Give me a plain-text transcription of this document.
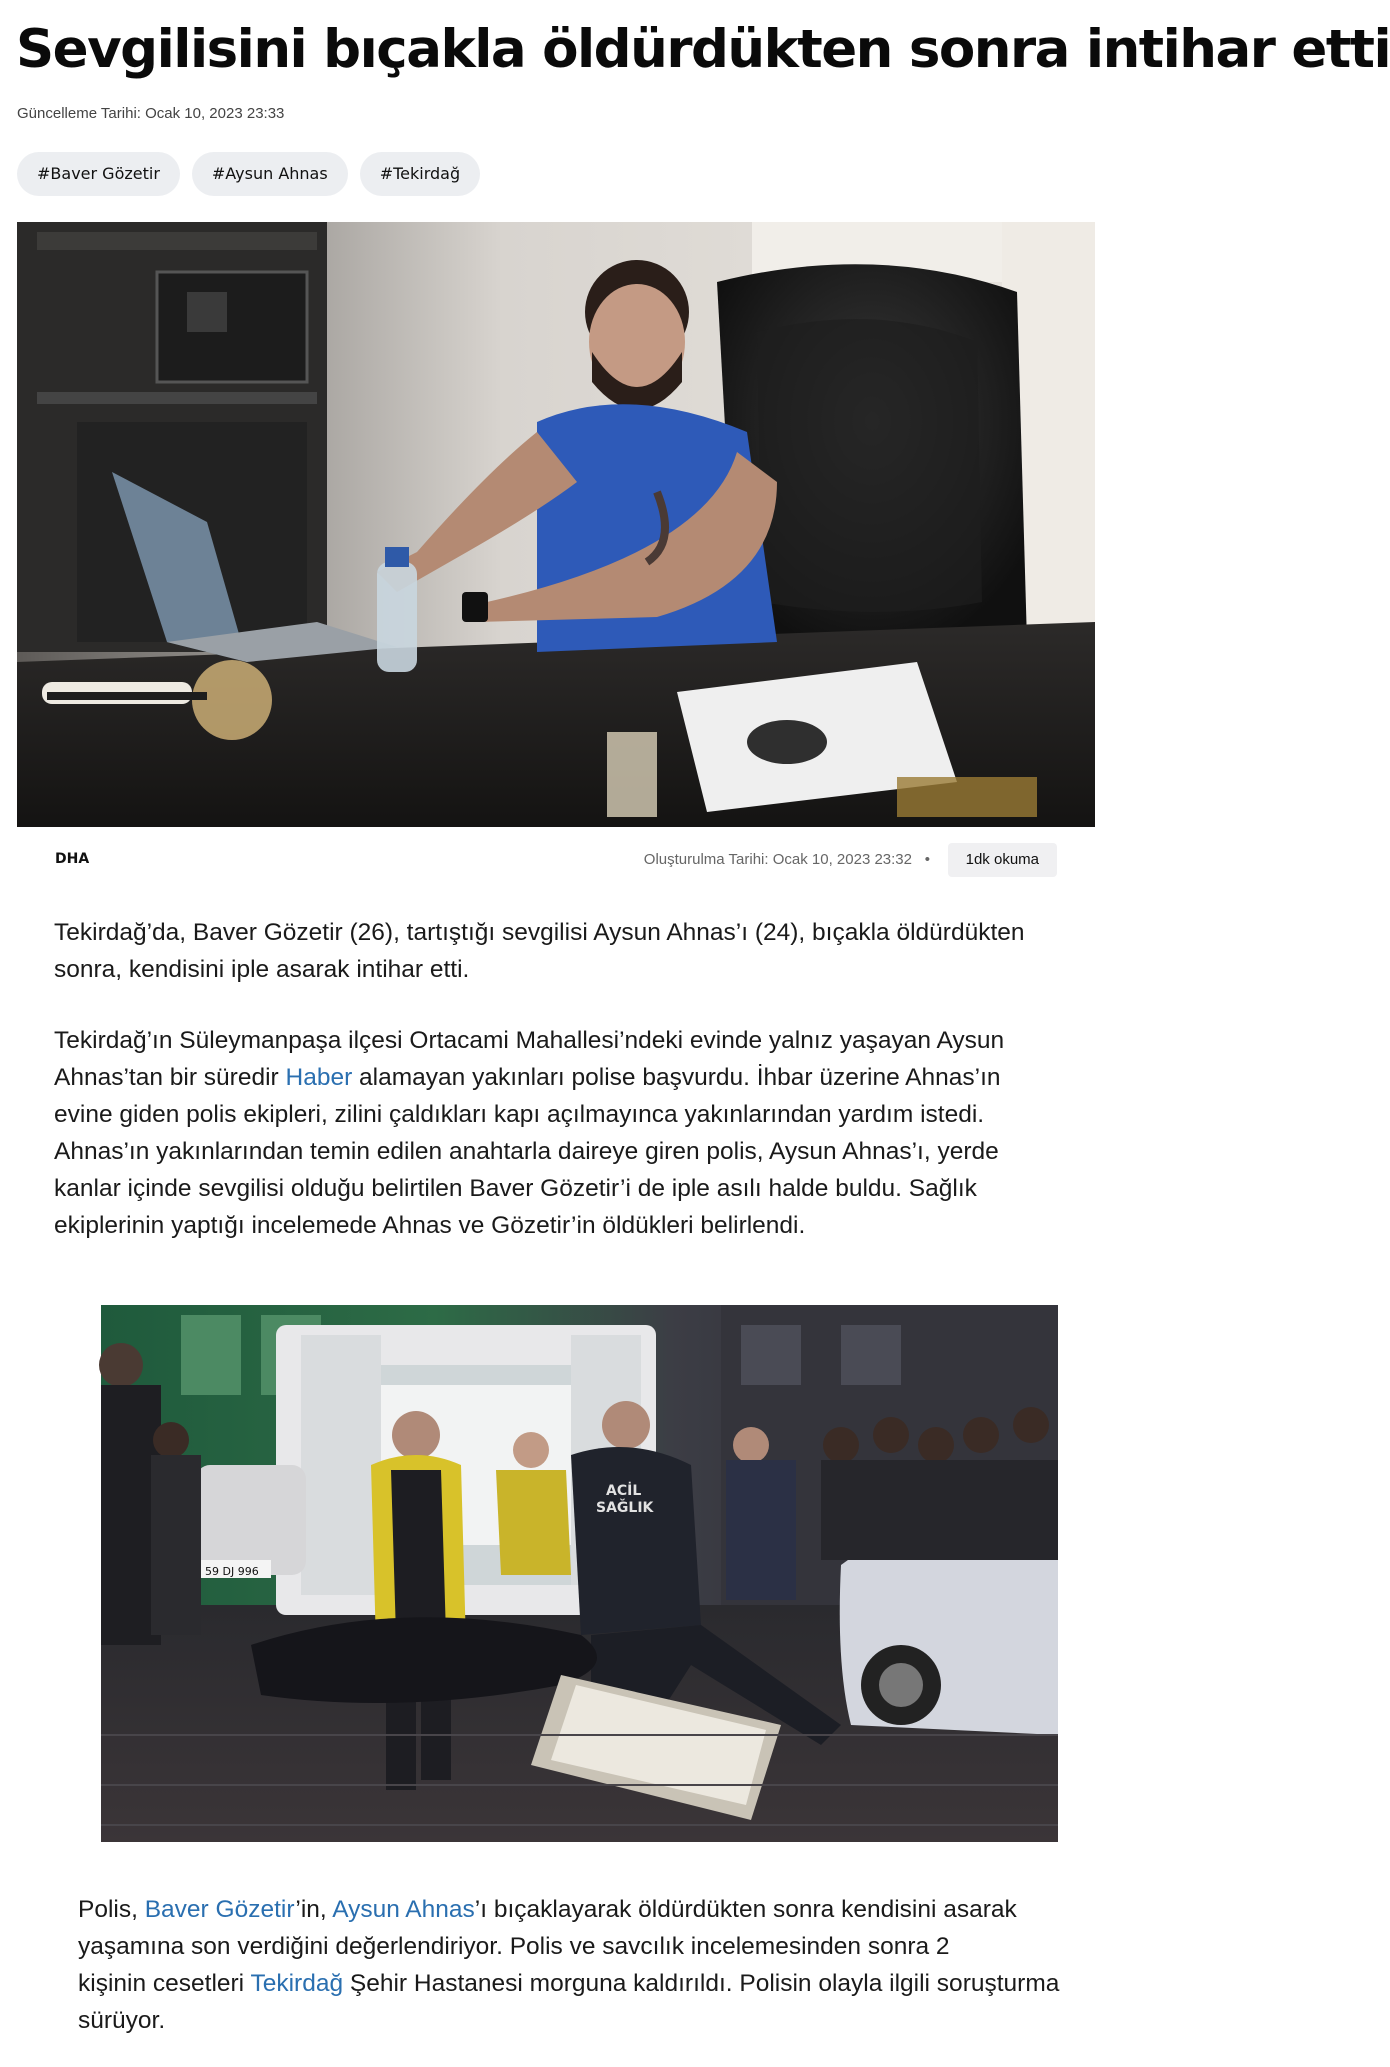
Sevgilisini bıçakla öldürdükten sonra intihar etti
Güncelleme Tarihi: Ocak 10, 2023 23:33
#Baver Gözetir	#Aysun Ahnas	#Tekirdağ
DHA	Oluşturulma Tarihi: Ocak 10, 2023 23:32 •	1dk okuma

Tekirdağ’da, Baver Gözetir (26), tartıştığı sevgilisi Aysun Ahnas’ı (24), bıçakla öldürdükten
sonra, kendisini iple asarak intihar etti.

Tekirdağ’ın Süleymanpaşa ilçesi Ortacami Mahallesi’ndeki evinde yalnız yaşayan Aysun
Ahnas’tan bir süredir Haber alamayan yakınları polise başvurdu. İhbar üzerine Ahnas’ın
evine giden polis ekipleri, zilini çaldıkları kapı açılmayınca yakınlarından yardım istedi.
Ahnas’ın yakınlarından temin edilen anahtarla daireye giren polis, Aysun Ahnas’ı, yerde
kanlar içinde sevgilisi olduğu belirtilen Baver Gözetir’i de iple asılı halde buldu. Sağlık
ekiplerinin yaptığı incelemede Ahnas ve Gözetir’in öldükleri belirlendi.

59 DJ 996
ACİL
SAĞLIK

Polis, Baver Gözetir’in, Aysun Ahnas’ı bıçaklayarak öldürdükten sonra kendisini asarak
yaşamına son verdiğini değerlendiriyor. Polis ve savcılık incelemesinden sonra 2
kişinin cesetleri Tekirdağ Şehir Hastanesi morguna kaldırıldı. Polisin olayla ilgili soruşturma
sürüyor.
